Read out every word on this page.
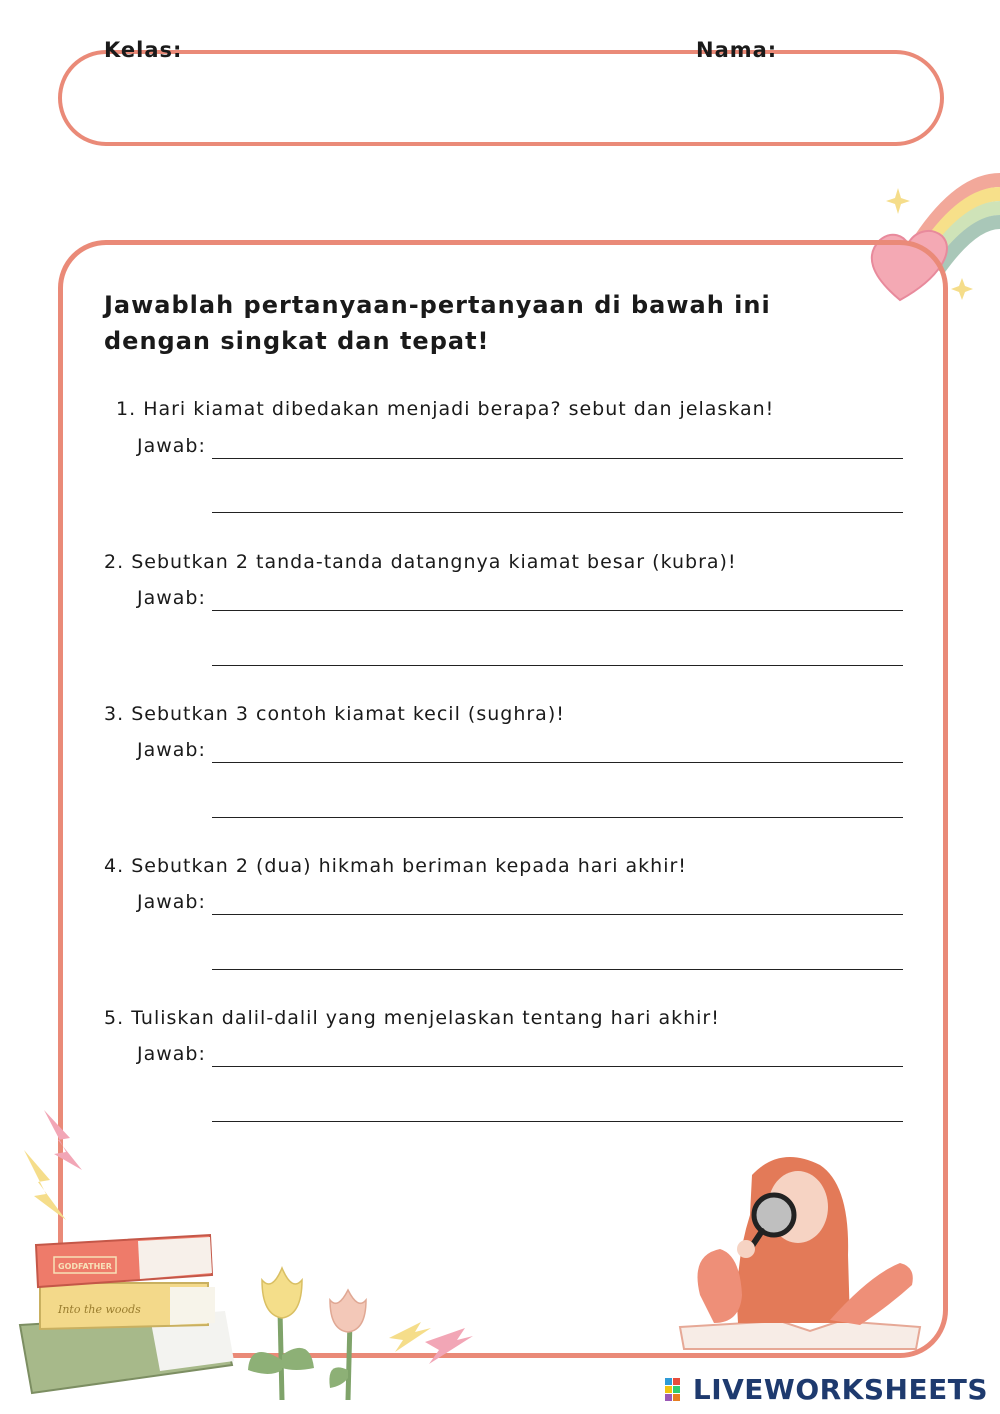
Kelas:	Nama:
Jawablah pertanyaan-pertanyaan di bawah ini
dengan singkat dan tepat!
1. Hari kiamat dibedakan menjadi berapa? sebut dan jelaskan!
Jawab:
2. Sebutkan 2 tanda-tanda datangnya kiamat besar (kubra)!
Jawab:
3. Sebutkan 3 contoh kiamat kecil (sughra)!
Jawab:
4. Sebutkan 2 (dua) hikmah beriman kepada hari akhir!
Jawab:
5. Tuliskan dalil-dalil yang menjelaskan tentang hari akhir!
Jawab:
Into the woods
GODFATHER
LIVEWORKSHEETS
